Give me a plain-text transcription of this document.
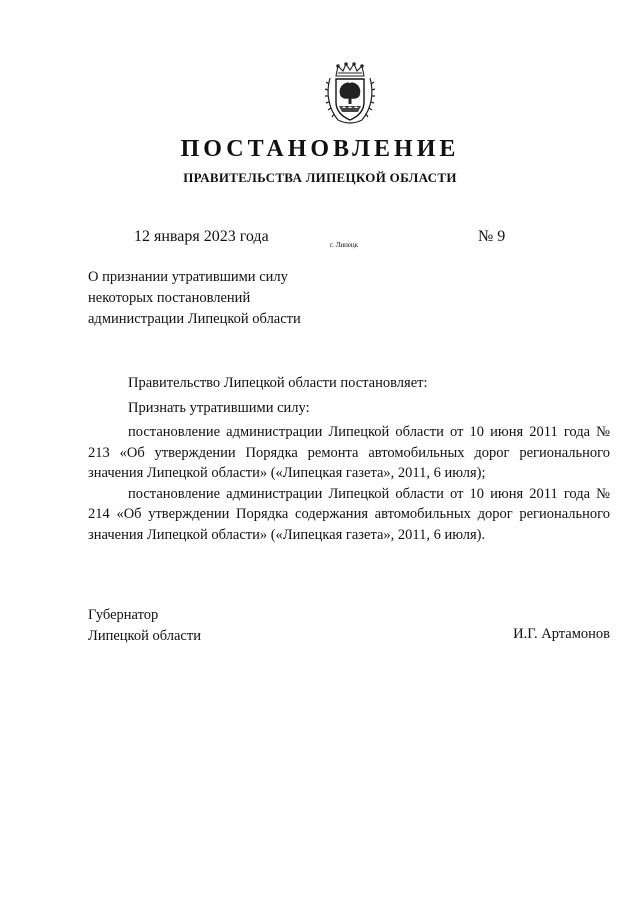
ПОСТАНОВЛЕНИЕ
ПРАВИТЕЛЬСТВА ЛИПЕЦКОЙ ОБЛАСТИ
12 января 2023 года	г. Липецк	№ 9
О признании утратившими силу
некоторых постановлений
администрации Липецкой области

Правительство Липецкой области постановляет:

Признать утратившими силу:

постановление администрации Липецкой области от 10 июня 2011 года № 213 «Об утверждении Порядка ремонта автомобильных дорог регионального значения Липецкой области» («Липецкая газета», 2011, 6 июля);

постановление администрации Липецкой области от 10 июня 2011 года № 214 «Об утверждении Порядка содержания автомобильных дорог регионального значения Липецкой области» («Липецкая газета», 2011, 6 июля).

Губернатор
Липецкой области	И.Г. Артамонов
